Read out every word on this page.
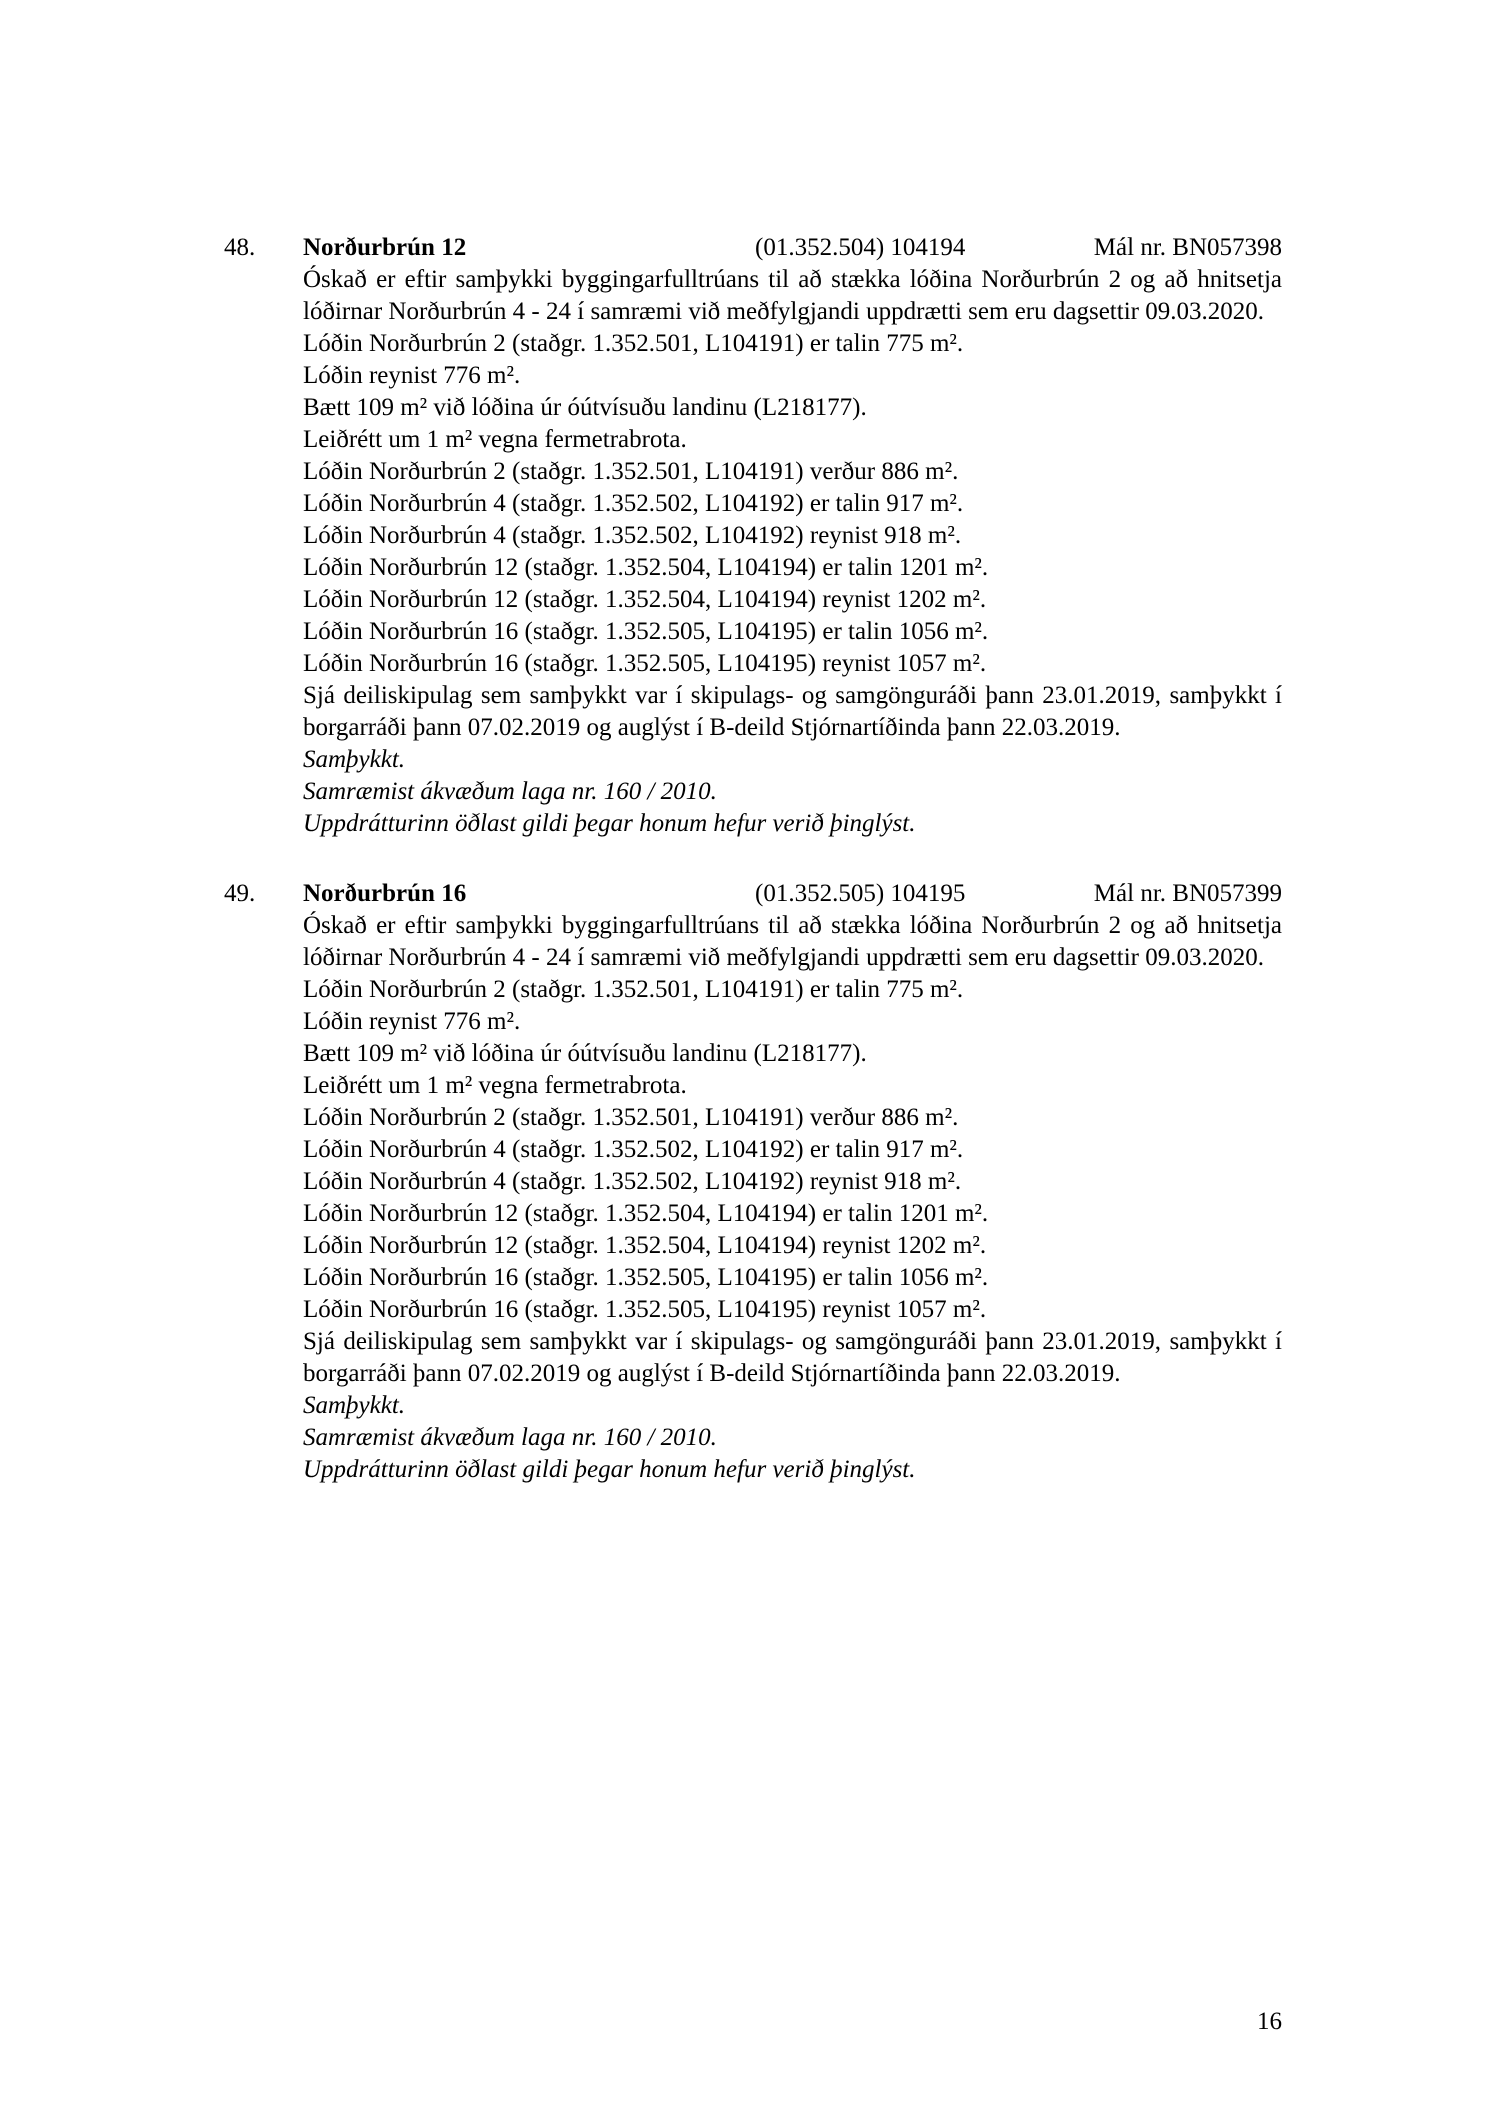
48. Norðurbrún 12	(01.352.504) 104194	Mál nr. BN057398
Óskað er eftir samþykki byggingarfulltrúans til að stækka lóðina Norðurbrún 2 og að hnitsetja lóðirnar Norðurbrún 4 - 24 í samræmi við meðfylgjandi uppdrætti sem eru dagsettir 09.03.2020.
Lóðin Norðurbrún 2 (staðgr. 1.352.501, L104191) er talin 775 m².
Lóðin reynist 776 m².
Bætt 109 m² við lóðina úr óútvísuðu landinu (L218177).
Leiðrétt um 1 m² vegna fermetrabrota.
Lóðin Norðurbrún 2 (staðgr. 1.352.501, L104191) verður 886 m².
Lóðin Norðurbrún 4 (staðgr. 1.352.502, L104192) er talin 917 m².
Lóðin Norðurbrún 4 (staðgr. 1.352.502, L104192) reynist 918 m².
Lóðin Norðurbrún 12 (staðgr. 1.352.504, L104194) er talin 1201 m².
Lóðin Norðurbrún 12 (staðgr. 1.352.504, L104194) reynist 1202 m².
Lóðin Norðurbrún 16 (staðgr. 1.352.505, L104195) er talin 1056 m².
Lóðin Norðurbrún 16 (staðgr. 1.352.505, L104195) reynist 1057 m².
Sjá deiliskipulag sem samþykkt var í skipulags- og samgönguráði þann 23.01.2019, samþykkt í borgarráði þann 07.02.2019 og auglýst í B-deild Stjórnartíðinda þann 22.03.2019.
Samþykkt.
Samræmist ákvæðum laga nr. 160 / 2010.
Uppdrátturinn öðlast gildi þegar honum hefur verið þinglýst.
49. Norðurbrún 16	(01.352.505) 104195	Mál nr. BN057399
Óskað er eftir samþykki byggingarfulltrúans til að stækka lóðina Norðurbrún 2 og að hnitsetja lóðirnar Norðurbrún 4 - 24 í samræmi við meðfylgjandi uppdrætti sem eru dagsettir 09.03.2020.
Lóðin Norðurbrún 2 (staðgr. 1.352.501, L104191) er talin 775 m².
Lóðin reynist 776 m².
Bætt 109 m² við lóðina úr óútvísuðu landinu (L218177).
Leiðrétt um 1 m² vegna fermetrabrota.
Lóðin Norðurbrún 2 (staðgr. 1.352.501, L104191) verður 886 m².
Lóðin Norðurbrún 4 (staðgr. 1.352.502, L104192) er talin 917 m².
Lóðin Norðurbrún 4 (staðgr. 1.352.502, L104192) reynist 918 m².
Lóðin Norðurbrún 12 (staðgr. 1.352.504, L104194) er talin 1201 m².
Lóðin Norðurbrún 12 (staðgr. 1.352.504, L104194) reynist 1202 m².
Lóðin Norðurbrún 16 (staðgr. 1.352.505, L104195) er talin 1056 m².
Lóðin Norðurbrún 16 (staðgr. 1.352.505, L104195) reynist 1057 m².
Sjá deiliskipulag sem samþykkt var í skipulags- og samgönguráði þann 23.01.2019, samþykkt í borgarráði þann 07.02.2019 og auglýst í B-deild Stjórnartíðinda þann 22.03.2019.
Samþykkt.
Samræmist ákvæðum laga nr. 160 / 2010.
Uppdrátturinn öðlast gildi þegar honum hefur verið þinglýst.
16
